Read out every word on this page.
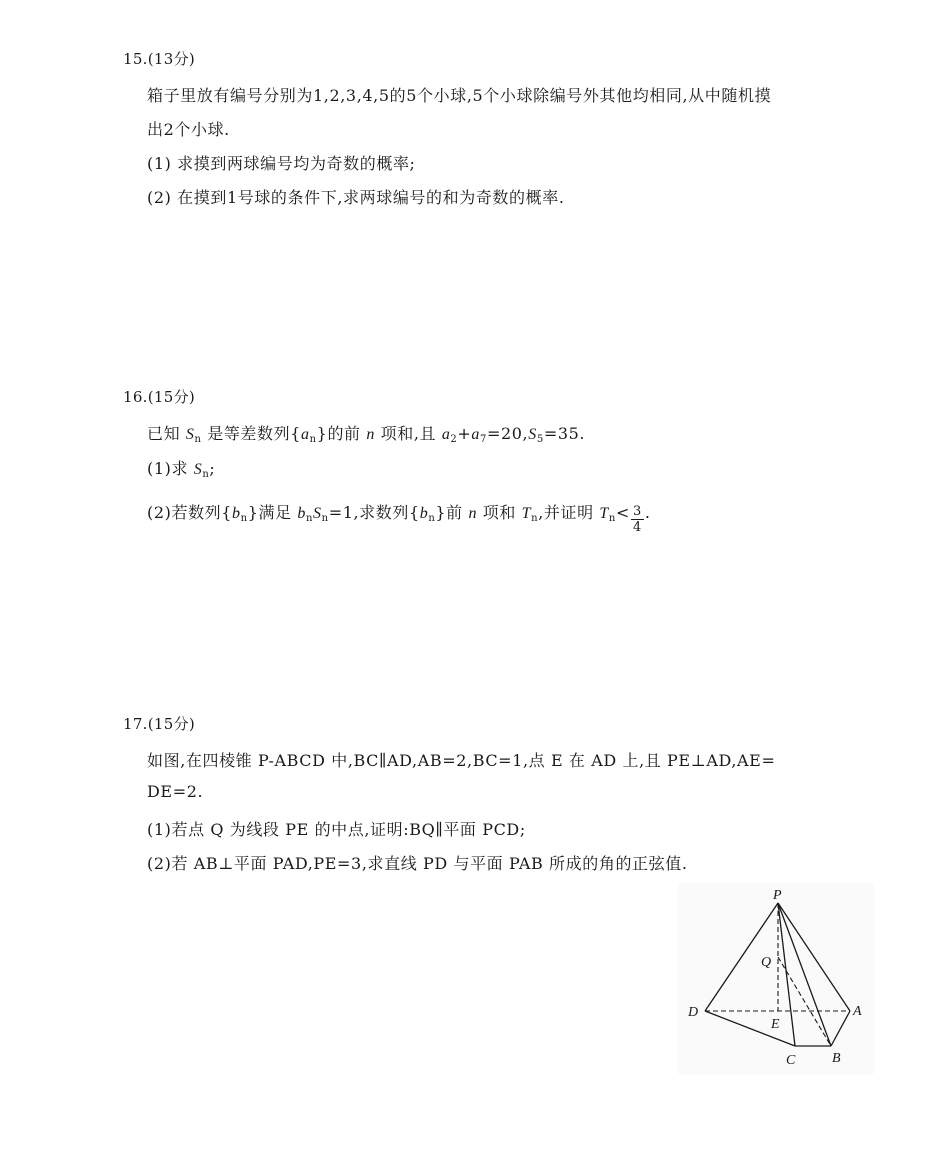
15.(13分)
箱子里放有编号分别为1,2,3,4,5的5个小球,5个小球除编号外其他均相同,从中随机摸
出2个小球.
(1) 求摸到两球编号均为奇数的概率;
(2) 在摸到1号球的条件下,求两球编号的和为奇数的概率.
16.(15分)
已知 $S_n$ 是等差数列$\{a_n\}$的前 n 项和,且 $a_2+a_7=20,S_5=35$.
(1)求 $S_n$;
(2)若数列$\{b_n\}$满足 $b_nS_n=1$,求数列$\{b_n\}$前 n 项和 $T_n$,并证明 $T_n< \frac{3}{4}$ .
17.(15分)
如图,在四棱锥 P-ABCD 中,BC∥AD,AB=2,BC=1,点 E 在 AD 上,且 PE⊥AD,AE=
DE=2.
(1)若点 Q 为线段 PE 的中点,证明:BQ∥平面 PCD;
(2)若 AB⊥平面 PAD,PE=3,求直线 PD 与平面 PAB 所成的角的正弦值.
P
Q
D
E
A
C	B
